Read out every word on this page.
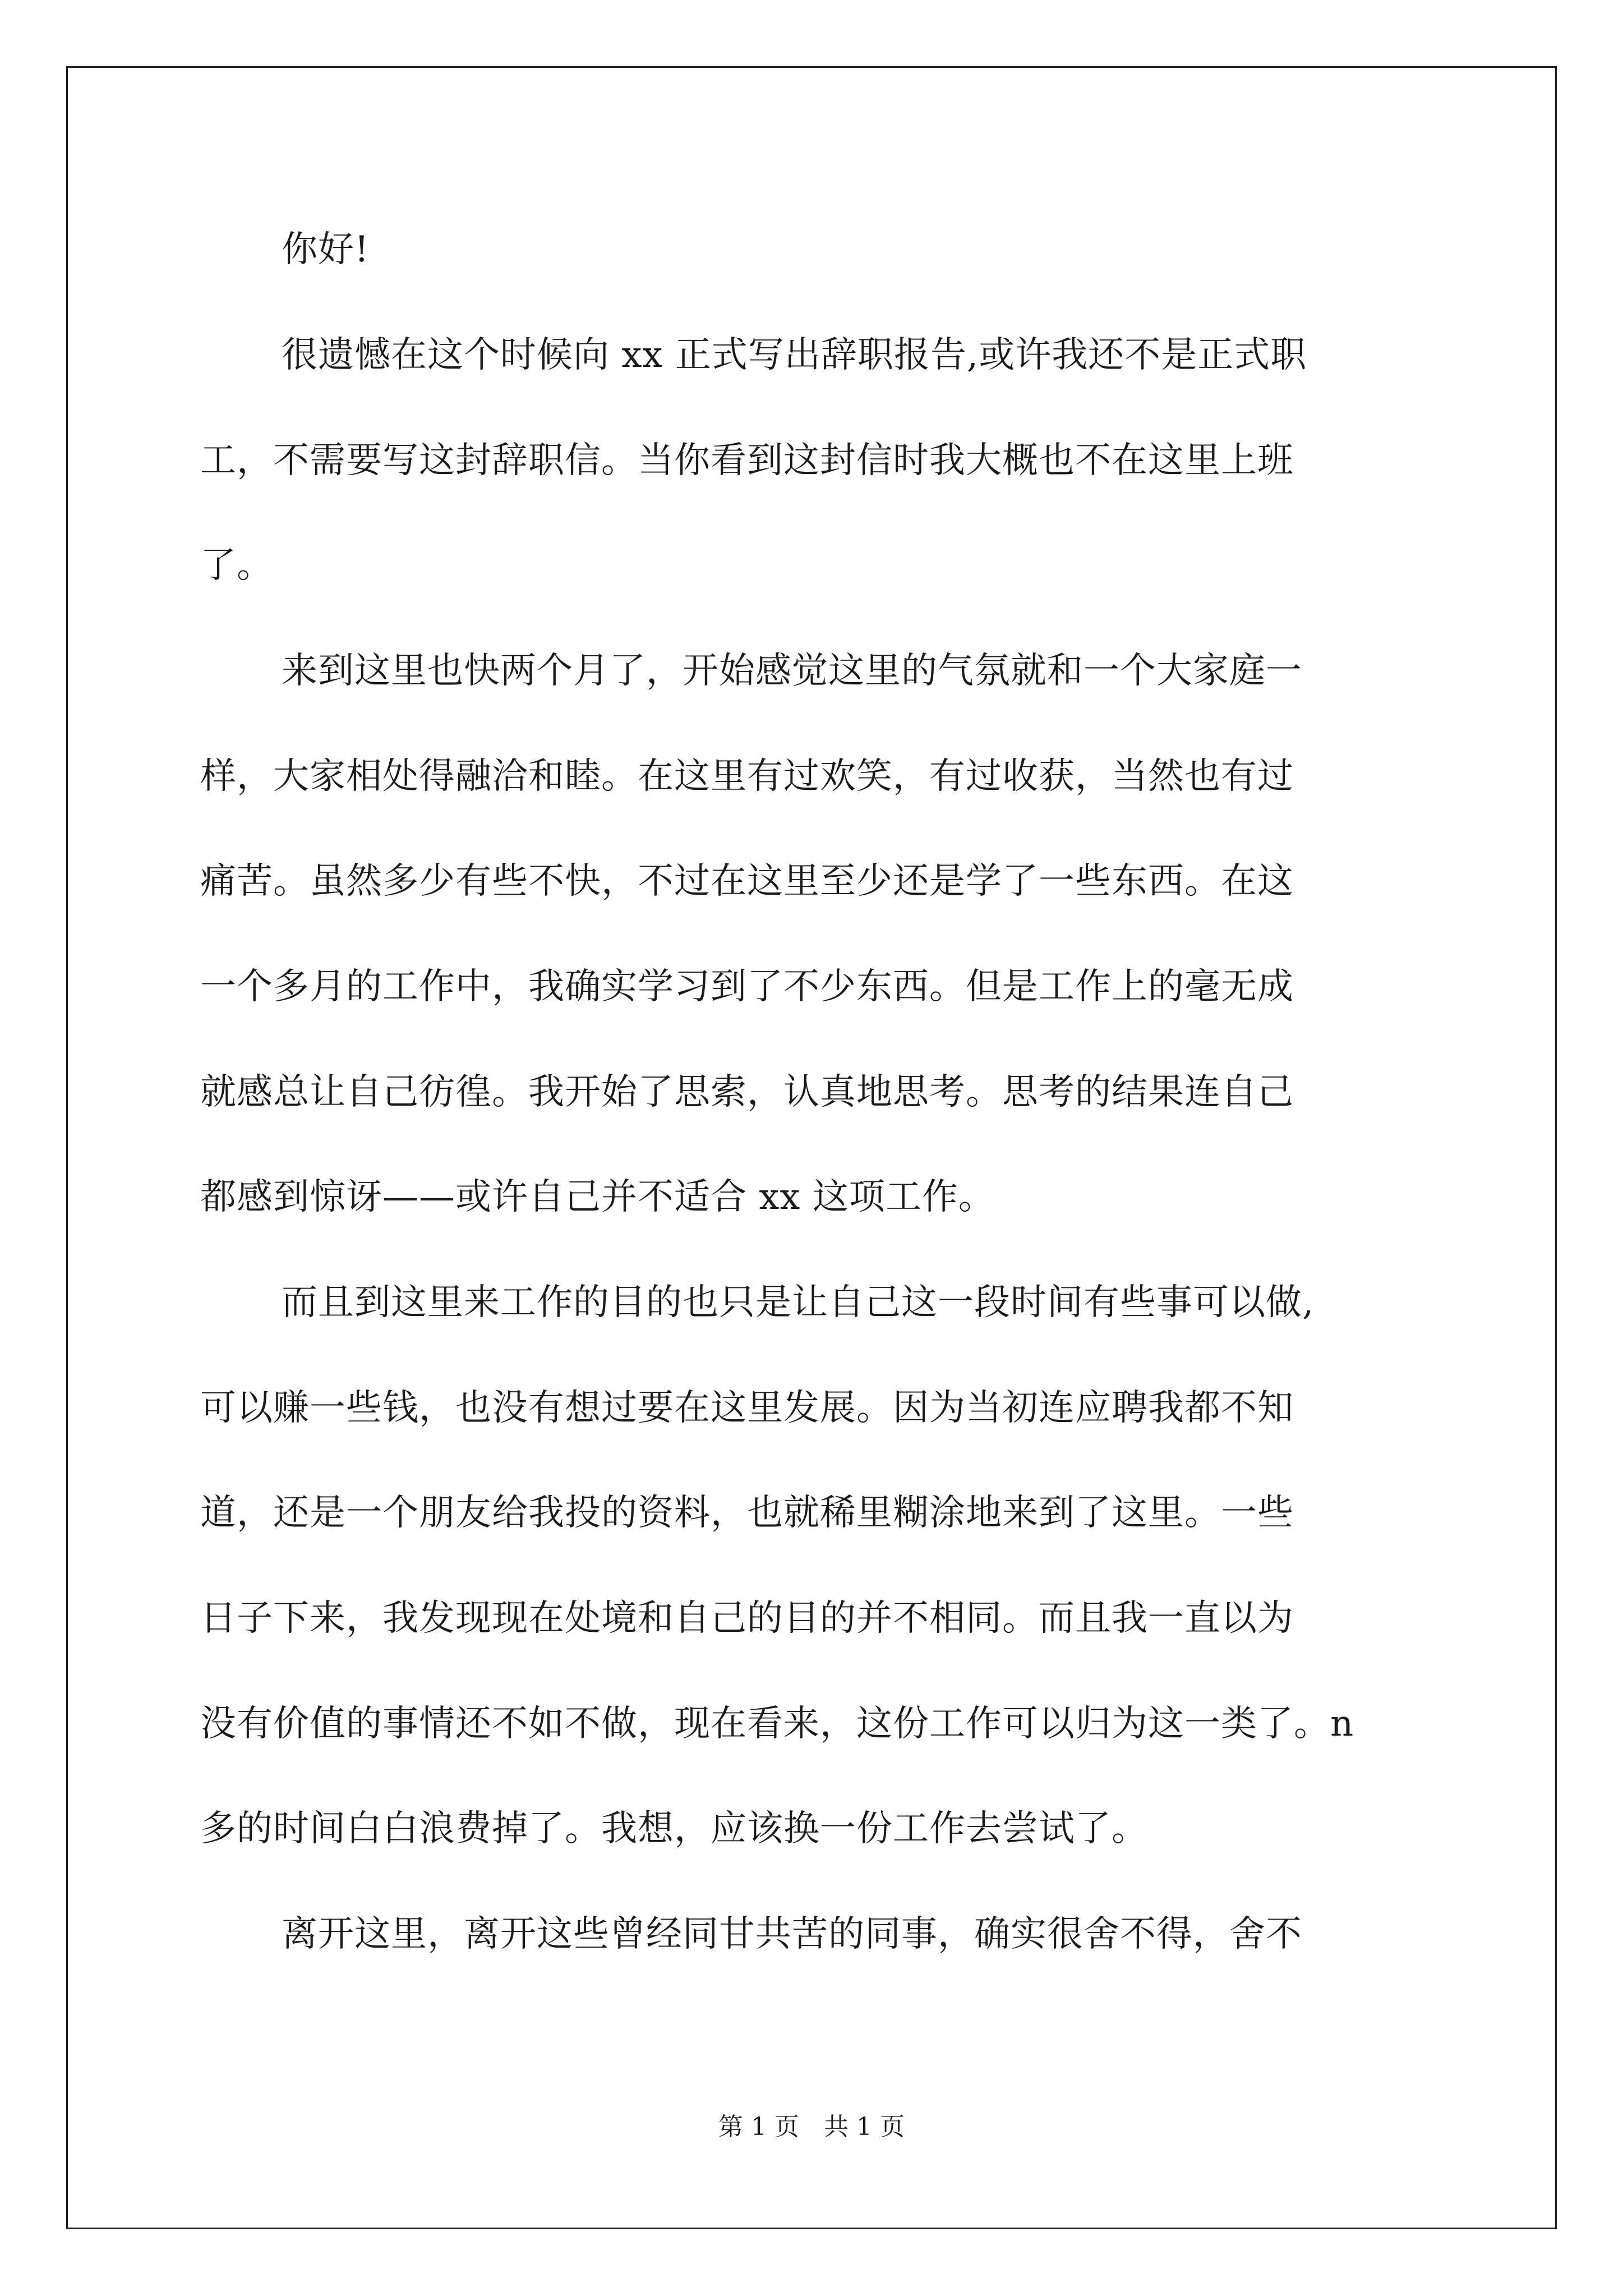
你好!
很遗憾在这个时候向 xx 正式写出辞职报告,或许我还不是正式职
工，不需要写这封辞职信。当你看到这封信时我大概也不在这里上班
了。
来到这里也快两个月了，开始感觉这里的气氛就和一个大家庭一
样，大家相处得融洽和睦。在这里有过欢笑，有过收获，当然也有过
痛苦。虽然多少有些不快，不过在这里至少还是学了一些东西。在这
一个多月的工作中，我确实学习到了不少东西。但是工作上的毫无成
就感总让自己彷徨。我开始了思索，认真地思考。思考的结果连自己
都感到惊讶——或许自己并不适合 xx 这项工作。
而且到这里来工作的目的也只是让自己这一段时间有些事可以做,
可以赚一些钱，也没有想过要在这里发展。因为当初连应聘我都不知
道，还是一个朋友给我投的资料，也就稀里糊涂地来到了这里。一些
日子下来，我发现现在处境和自己的目的并不相同。而且我一直以为
没有价值的事情还不如不做，现在看来，这份工作可以归为这一类了。n
多的时间白白浪费掉了。我想，应该换一份工作去尝试了。
离开这里，离开这些曾经同甘共苦的同事，确实很舍不得，舍不
第 1 页　共 1 页
